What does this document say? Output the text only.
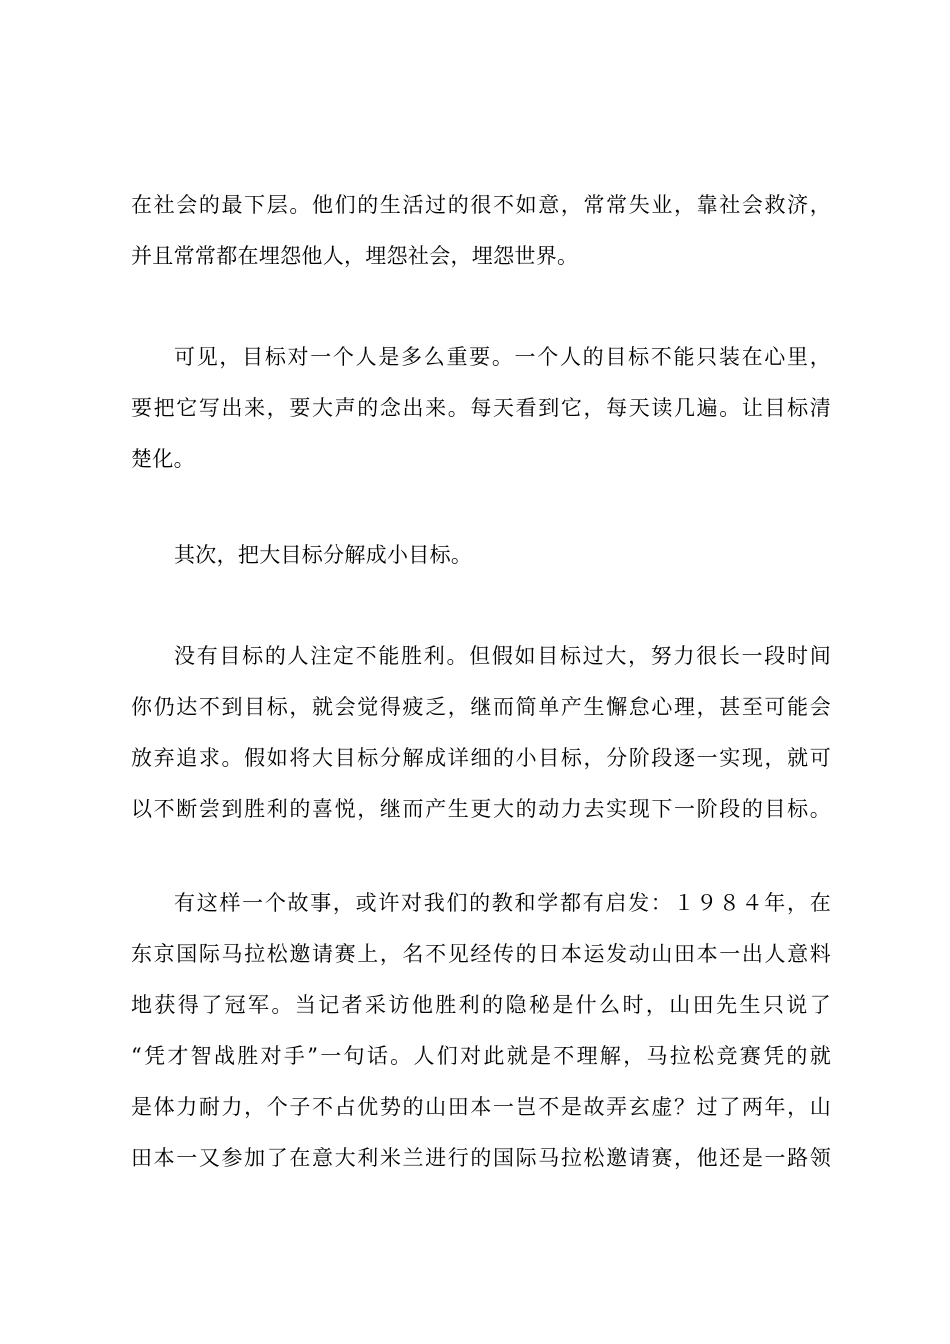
在社会的最下层。他们的生活过的很不如意，常常失业，靠社会救济，
并且常常都在埋怨他人，埋怨社会，埋怨世界。
可见，目标对一个人是多么重要。一个人的目标不能只装在心里，
要把它写出来，要大声的念出来。每天看到它，每天读几遍。让目标清
楚化。
其次，把大目标分解成小目标。
没有目标的人注定不能胜利。但假如目标过大，努力很长一段时间
你仍达不到目标，就会觉得疲乏，继而简单产生懈怠心理，甚至可能会
放弃追求。假如将大目标分解成详细的小目标，分阶段逐一实现，就可
以不断尝到胜利的喜悦，继而产生更大的动力去实现下一阶段的目标。
有这样一个故事，或许对我们的教和学都有启发：１９８４年，在
东京国际马拉松邀请赛上，名不见经传的日本运发动山田本一出人意料
地获得了冠军。当记者采访他胜利的隐秘是什么时，山田先生只说了
“凭才智战胜对手”一句话。人们对此就是不理解，马拉松竞赛凭的就
是体力耐力，个子不占优势的山田本一岂不是故弄玄虚？过了两年，山
田本一又参加了在意大利米兰进行的国际马拉松邀请赛，他还是一路领
